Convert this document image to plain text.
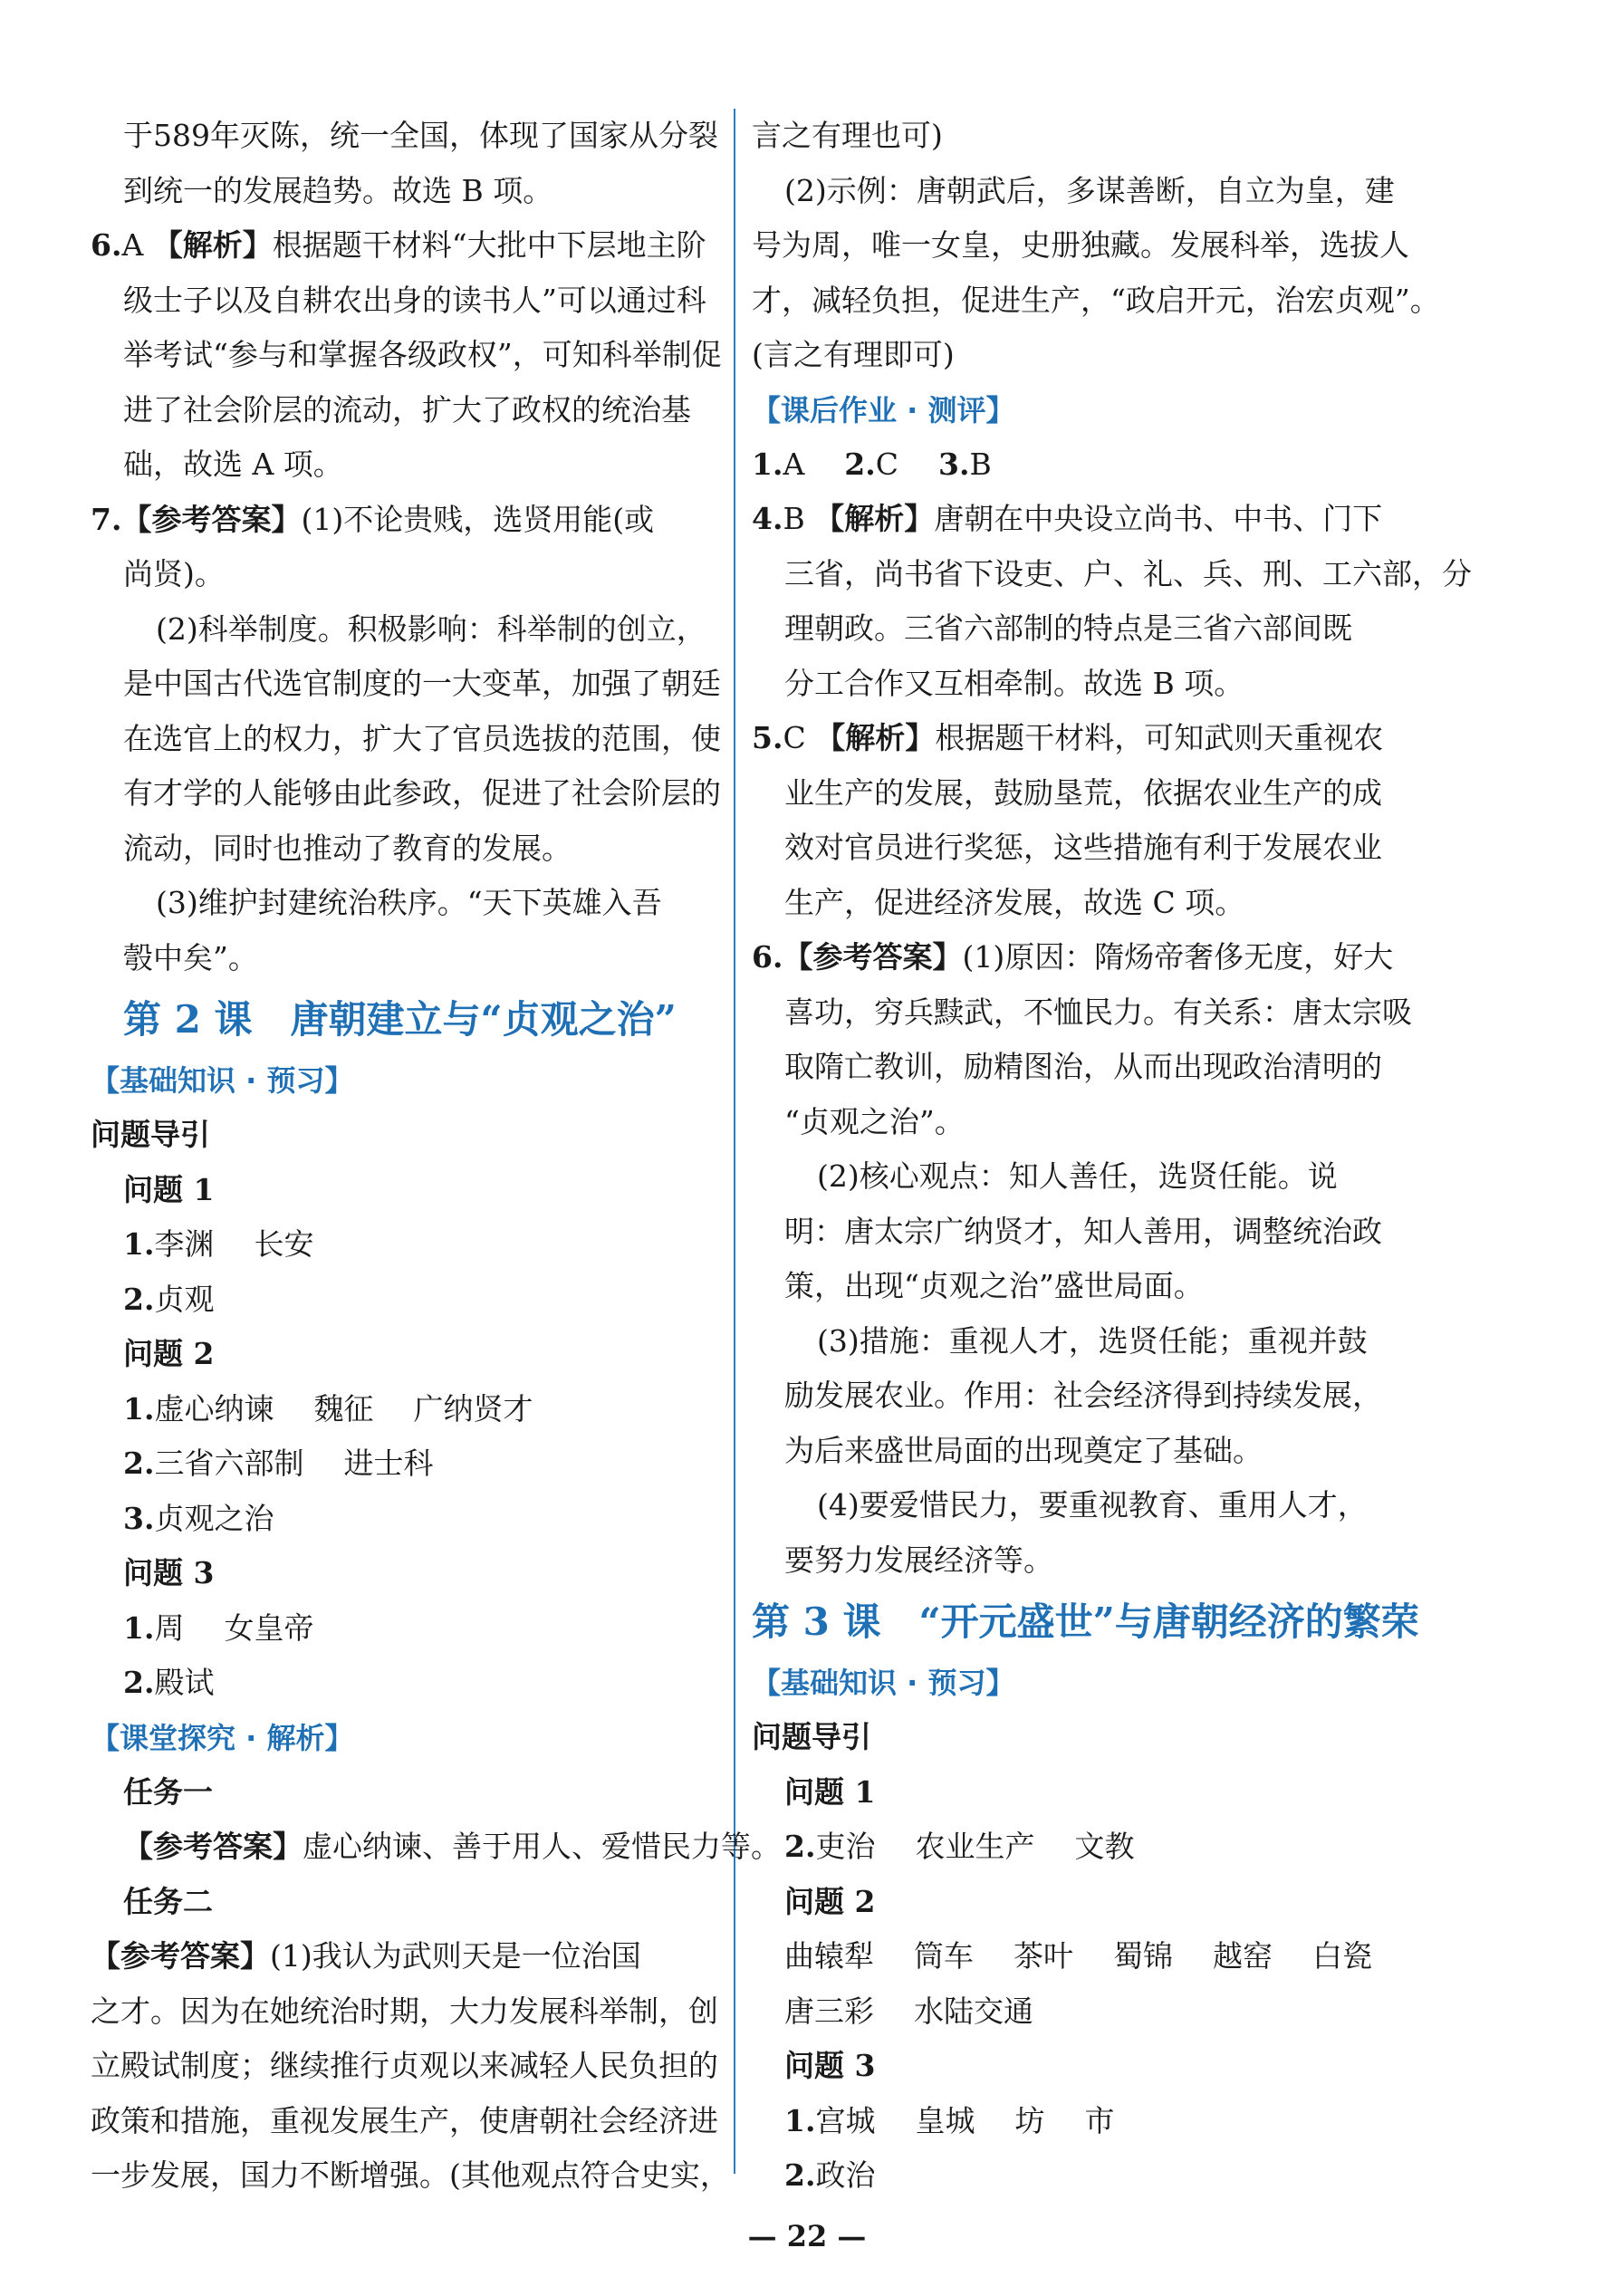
于589年灭陈，统一全国，体现了国家从分裂
到统一的发展趋势。故选 B 项。
6.A 【解析】根据题干材料“大批中下层地主阶
级士子以及自耕农出身的读书人”可以通过科
举考试“参与和掌握各级政权”，可知科举制促
进了社会阶层的流动，扩大了政权的统治基
础，故选 A 项。
7.【参考答案】(1)不论贵贱，选贤用能(或
尚贤)。
(2)科举制度。积极影响：科举制的创立，
是中国古代选官制度的一大变革，加强了朝廷
在选官上的权力，扩大了官员选拔的范围，使
有才学的人能够由此参政，促进了社会阶层的
流动，同时也推动了教育的发展。
(3)维护封建统治秩序。“天下英雄入吾
彀中矣”。
第 2 课　唐朝建立与“贞观之治”
【基础知识 · 预习】
问题导引
问题 1
1.李渊 长安
2.贞观
问题 2
1.虚心纳谏 魏征 广纳贤才
2.三省六部制 进士科
3.贞观之治
问题 3
1.周 女皇帝
2.殿试
【课堂探究 · 解析】
任务一
【参考答案】虚心纳谏、善于用人、爱惜民力等。
任务二
【参考答案】(1)我认为武则天是一位治国
之才。因为在她统治时期，大力发展科举制，创
立殿试制度；继续推行贞观以来减轻人民负担的
政策和措施，重视发展生产，使唐朝社会经济进
一步发展，国力不断增强。(其他观点符合史实，
言之有理也可)
(2)示例：唐朝武后，多谋善断，自立为皇，建
号为周，唯一女皇，史册独藏。发展科举，选拔人
才，减轻负担，促进生产，“政启开元，治宏贞观”。
(言之有理即可)
【课后作业 · 测评】
1.A 2.C 3.B
4.B 【解析】唐朝在中央设立尚书、中书、门下
三省，尚书省下设吏、户、礼、兵、刑、工六部，分
理朝政。三省六部制的特点是三省六部间既
分工合作又互相牵制。故选 B 项。
5.C 【解析】根据题干材料，可知武则天重视农
业生产的发展，鼓励垦荒，依据农业生产的成
效对官员进行奖惩，这些措施有利于发展农业
生产，促进经济发展，故选 C 项。
6.【参考答案】(1)原因：隋炀帝奢侈无度，好大
喜功，穷兵黩武，不恤民力。有关系：唐太宗吸
取隋亡教训，励精图治，从而出现政治清明的
“贞观之治”。
(2)核心观点：知人善任，选贤任能。说
明：唐太宗广纳贤才，知人善用，调整统治政
策，出现“贞观之治”盛世局面。
(3)措施：重视人才，选贤任能；重视并鼓
励发展农业。作用：社会经济得到持续发展，
为后来盛世局面的出现奠定了基础。
(4)要爱惜民力，要重视教育、重用人才，
要努力发展经济等。
第 3 课　“开元盛世”与唐朝经济的繁荣
【基础知识 · 预习】
问题导引
问题 1
2.吏治 农业生产 文教
问题 2
曲辕犁 筒车 茶叶 蜀锦 越窑 白瓷
唐三彩 水陆交通
问题 3
1.宫城 皇城 坊 市
2.政治
— 22 —
